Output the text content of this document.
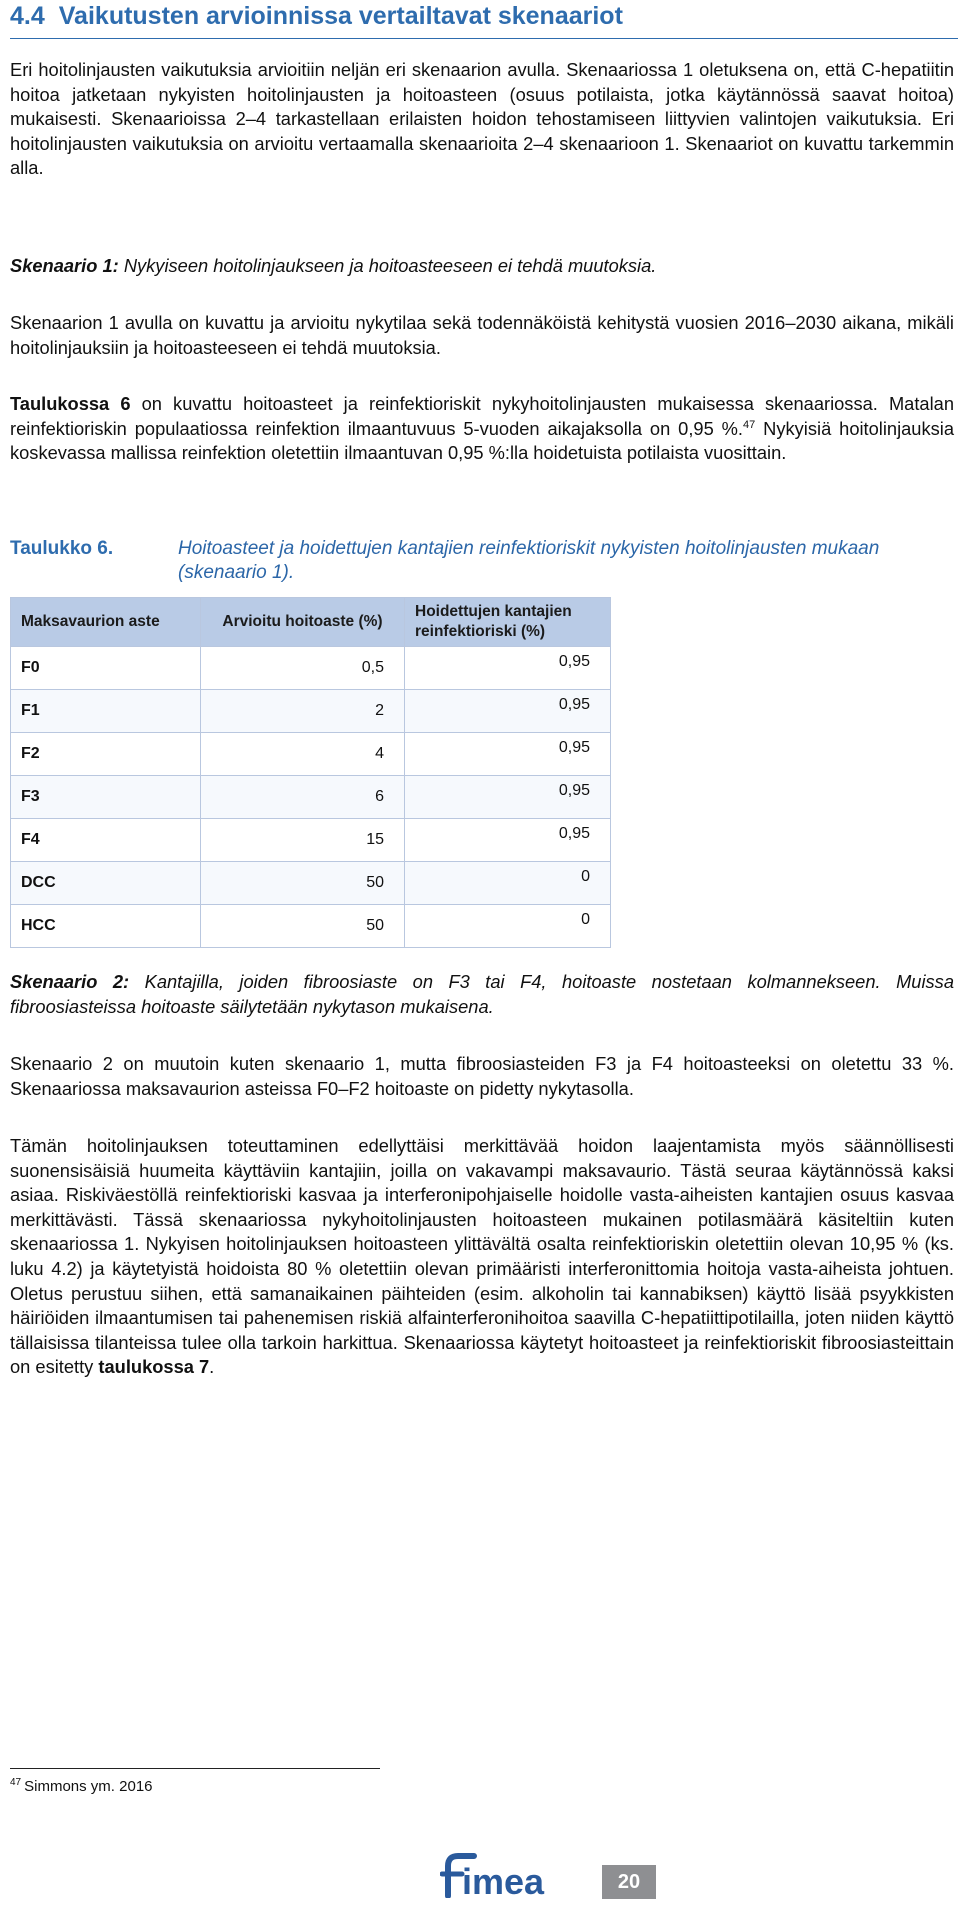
4.4 Vaikutusten arvioinnissa vertailtavat skenaariot

Eri hoitolinjausten vaikutuksia arvioitiin neljän eri skenaarion avulla. Skenaariossa 1 oletuksena on, että C-hepatiitin hoitoa jatketaan nykyisten hoitolinjausten ja hoitoasteen (osuus potilaista, jotka käytännössä saavat hoitoa) mukaisesti. Skenaarioissa 2–4 tarkastellaan erilaisten hoidon tehostamiseen liittyvien valintojen vaikutuksia. Eri hoitolinjausten vaikutuksia on arvioitu vertaamalla skenaarioita 2–4 skenaarioon 1. Skenaariot on kuvattu tarkemmin alla.

Skenaario 1: Nykyiseen hoitolinjaukseen ja hoitoasteeseen ei tehdä muutoksia.

Skenaarion 1 avulla on kuvattu ja arvioitu nykytilaa sekä todennäköistä kehitystä vuosien 2016–2030 aikana, mikäli hoitolinjauksiin ja hoitoasteeseen ei tehdä muutoksia.

Taulukossa 6 on kuvattu hoitoasteet ja reinfektioriskit nykyhoitolinjausten mukaisessa skenaariossa. Matalan reinfektioriskin populaatiossa reinfektion ilmaantuvuus 5-vuoden aikajaksolla on 0,95 %.$^{47}$ Nykyisiä hoitolinjauksia koskevassa mallissa reinfektion oletettiin ilmaantuvan 0,95 %:lla hoidetuista potilaista vuosittain.

Taulukko 6.	Hoitoasteet ja hoidettujen kantajien reinfektioriskit nykyisten hoitolinjausten mukaan (skenaario 1).
Maksavaurion aste	Arvioitu hoitoaste (%)	Hoidettujen kantajien reinfektioriski (%)
F0	0,5	0,95
F1	2	0,95
F2	4	0,95
F3	6	0,95
F4	15	0,95
DCC	50	0
HCC	50	0

Skenaario 2: Kantajilla, joiden fibroosiaste on F3 tai F4, hoitoaste nostetaan kolmannekseen. Muissa fibroosiasteissa hoitoaste säilytetään nykytason mukaisena.

Skenaario 2 on muutoin kuten skenaario 1, mutta fibroosiasteiden F3 ja F4 hoitoasteeksi on oletettu 33 %. Skenaariossa maksavaurion asteissa F0–F2 hoitoaste on pidetty nykytasolla.

Tämän hoitolinjauksen toteuttaminen edellyttäisi merkittävää hoidon laajentamista myös säännöllisesti suonensisäisiä huumeita käyttäviin kantajiin, joilla on vakavampi maksavaurio. Tästä seuraa käytännössä kaksi asiaa. Riskiväestöllä reinfektioriski kasvaa ja interferonipohjaiselle hoidolle vasta-aiheisten kantajien osuus kasvaa merkittävästi. Tässä skenaariossa nykyhoitolinjausten hoitoasteen mukainen potilasmäärä käsiteltiin kuten skenaariossa 1. Nykyisen hoitolinjauksen hoitoasteen ylittävältä osalta reinfektioriskin oletettiin olevan 10,95 % (ks. luku 4.2) ja käytetyistä hoidoista 80 % oletettiin olevan primääristi interferonittomia hoitoja vasta-aiheista johtuen. Oletus perustuu siihen, että samanaikainen päihteiden (esim. alkoholin tai kannabiksen) käyttö lisää psyykkisten häiriöiden ilmaantumisen tai pahenemisen riskiä alfainterferonihoitoa saavilla C-hepatiittipotilailla, joten niiden käyttö tällaisissa tilanteissa tulee olla tarkoin harkittua. Skenaariossa käytetyt hoitoasteet ja reinfektioriskit fibroosiasteittain on esitetty taulukossa 7.

$^{47}$ Simmons ym. 2016
imea	20
